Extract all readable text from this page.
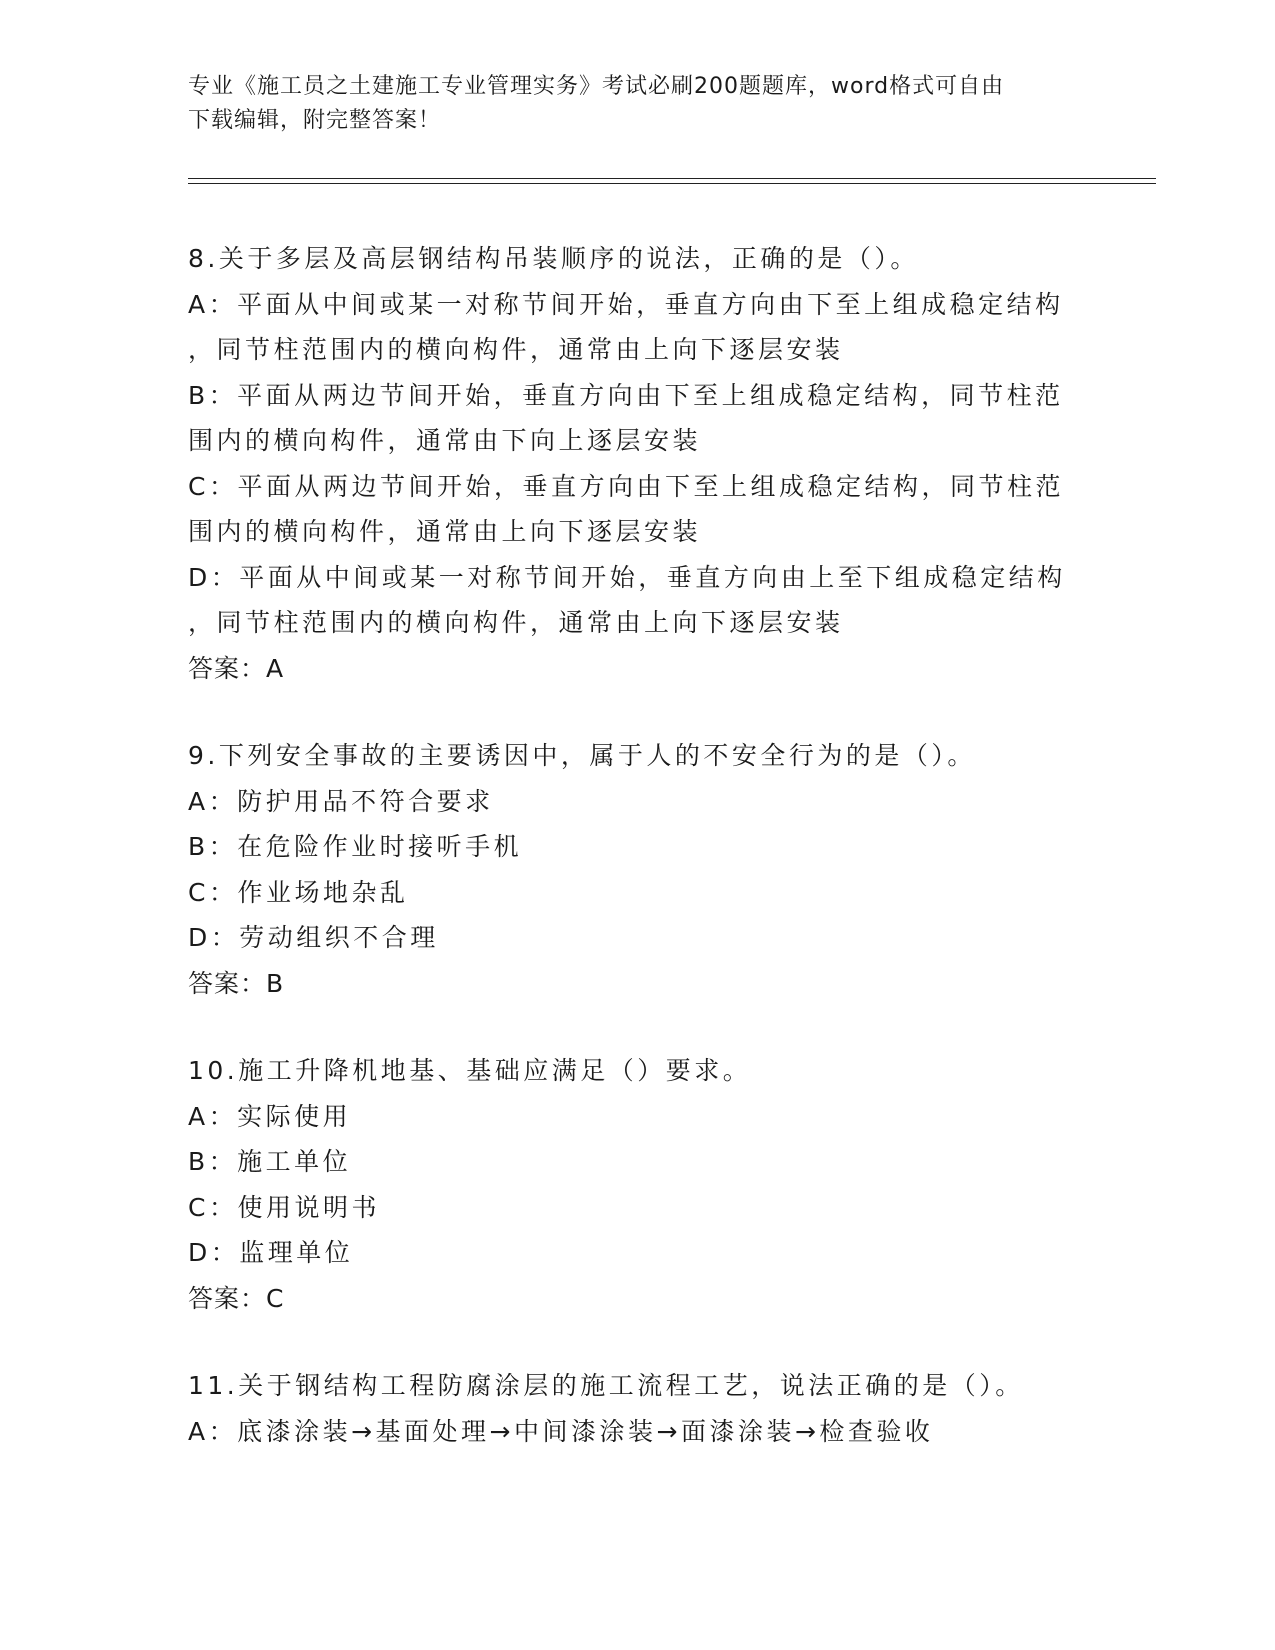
专业《施工员之土建施工专业管理实务》考试必刷200题题库，word格式可自由
下载编辑，附完整答案！
8.关于多层及高层钢结构吊装顺序的说法，正确的是（）。
A：平面从中间或某一对称节间开始，垂直方向由下至上组成稳定结构
，同节柱范围内的横向构件，通常由上向下逐层安装
B：平面从两边节间开始，垂直方向由下至上组成稳定结构，同节柱范
围内的横向构件，通常由下向上逐层安装
C：平面从两边节间开始，垂直方向由下至上组成稳定结构，同节柱范
围内的横向构件，通常由上向下逐层安装
D：平面从中间或某一对称节间开始，垂直方向由上至下组成稳定结构
，同节柱范围内的横向构件，通常由上向下逐层安装
答案：A
9.下列安全事故的主要诱因中，属于人的不安全行为的是（）。
A：防护用品不符合要求
B：在危险作业时接听手机
C：作业场地杂乱
D：劳动组织不合理
答案：B
10.施工升降机地基、基础应满足（）要求。
A：实际使用
B：施工单位
C：使用说明书
D：监理单位
答案：C
11.关于钢结构工程防腐涂层的施工流程工艺，说法正确的是（）。
A：底漆涂装→基面处理→中间漆涂装→面漆涂装→检查验收
